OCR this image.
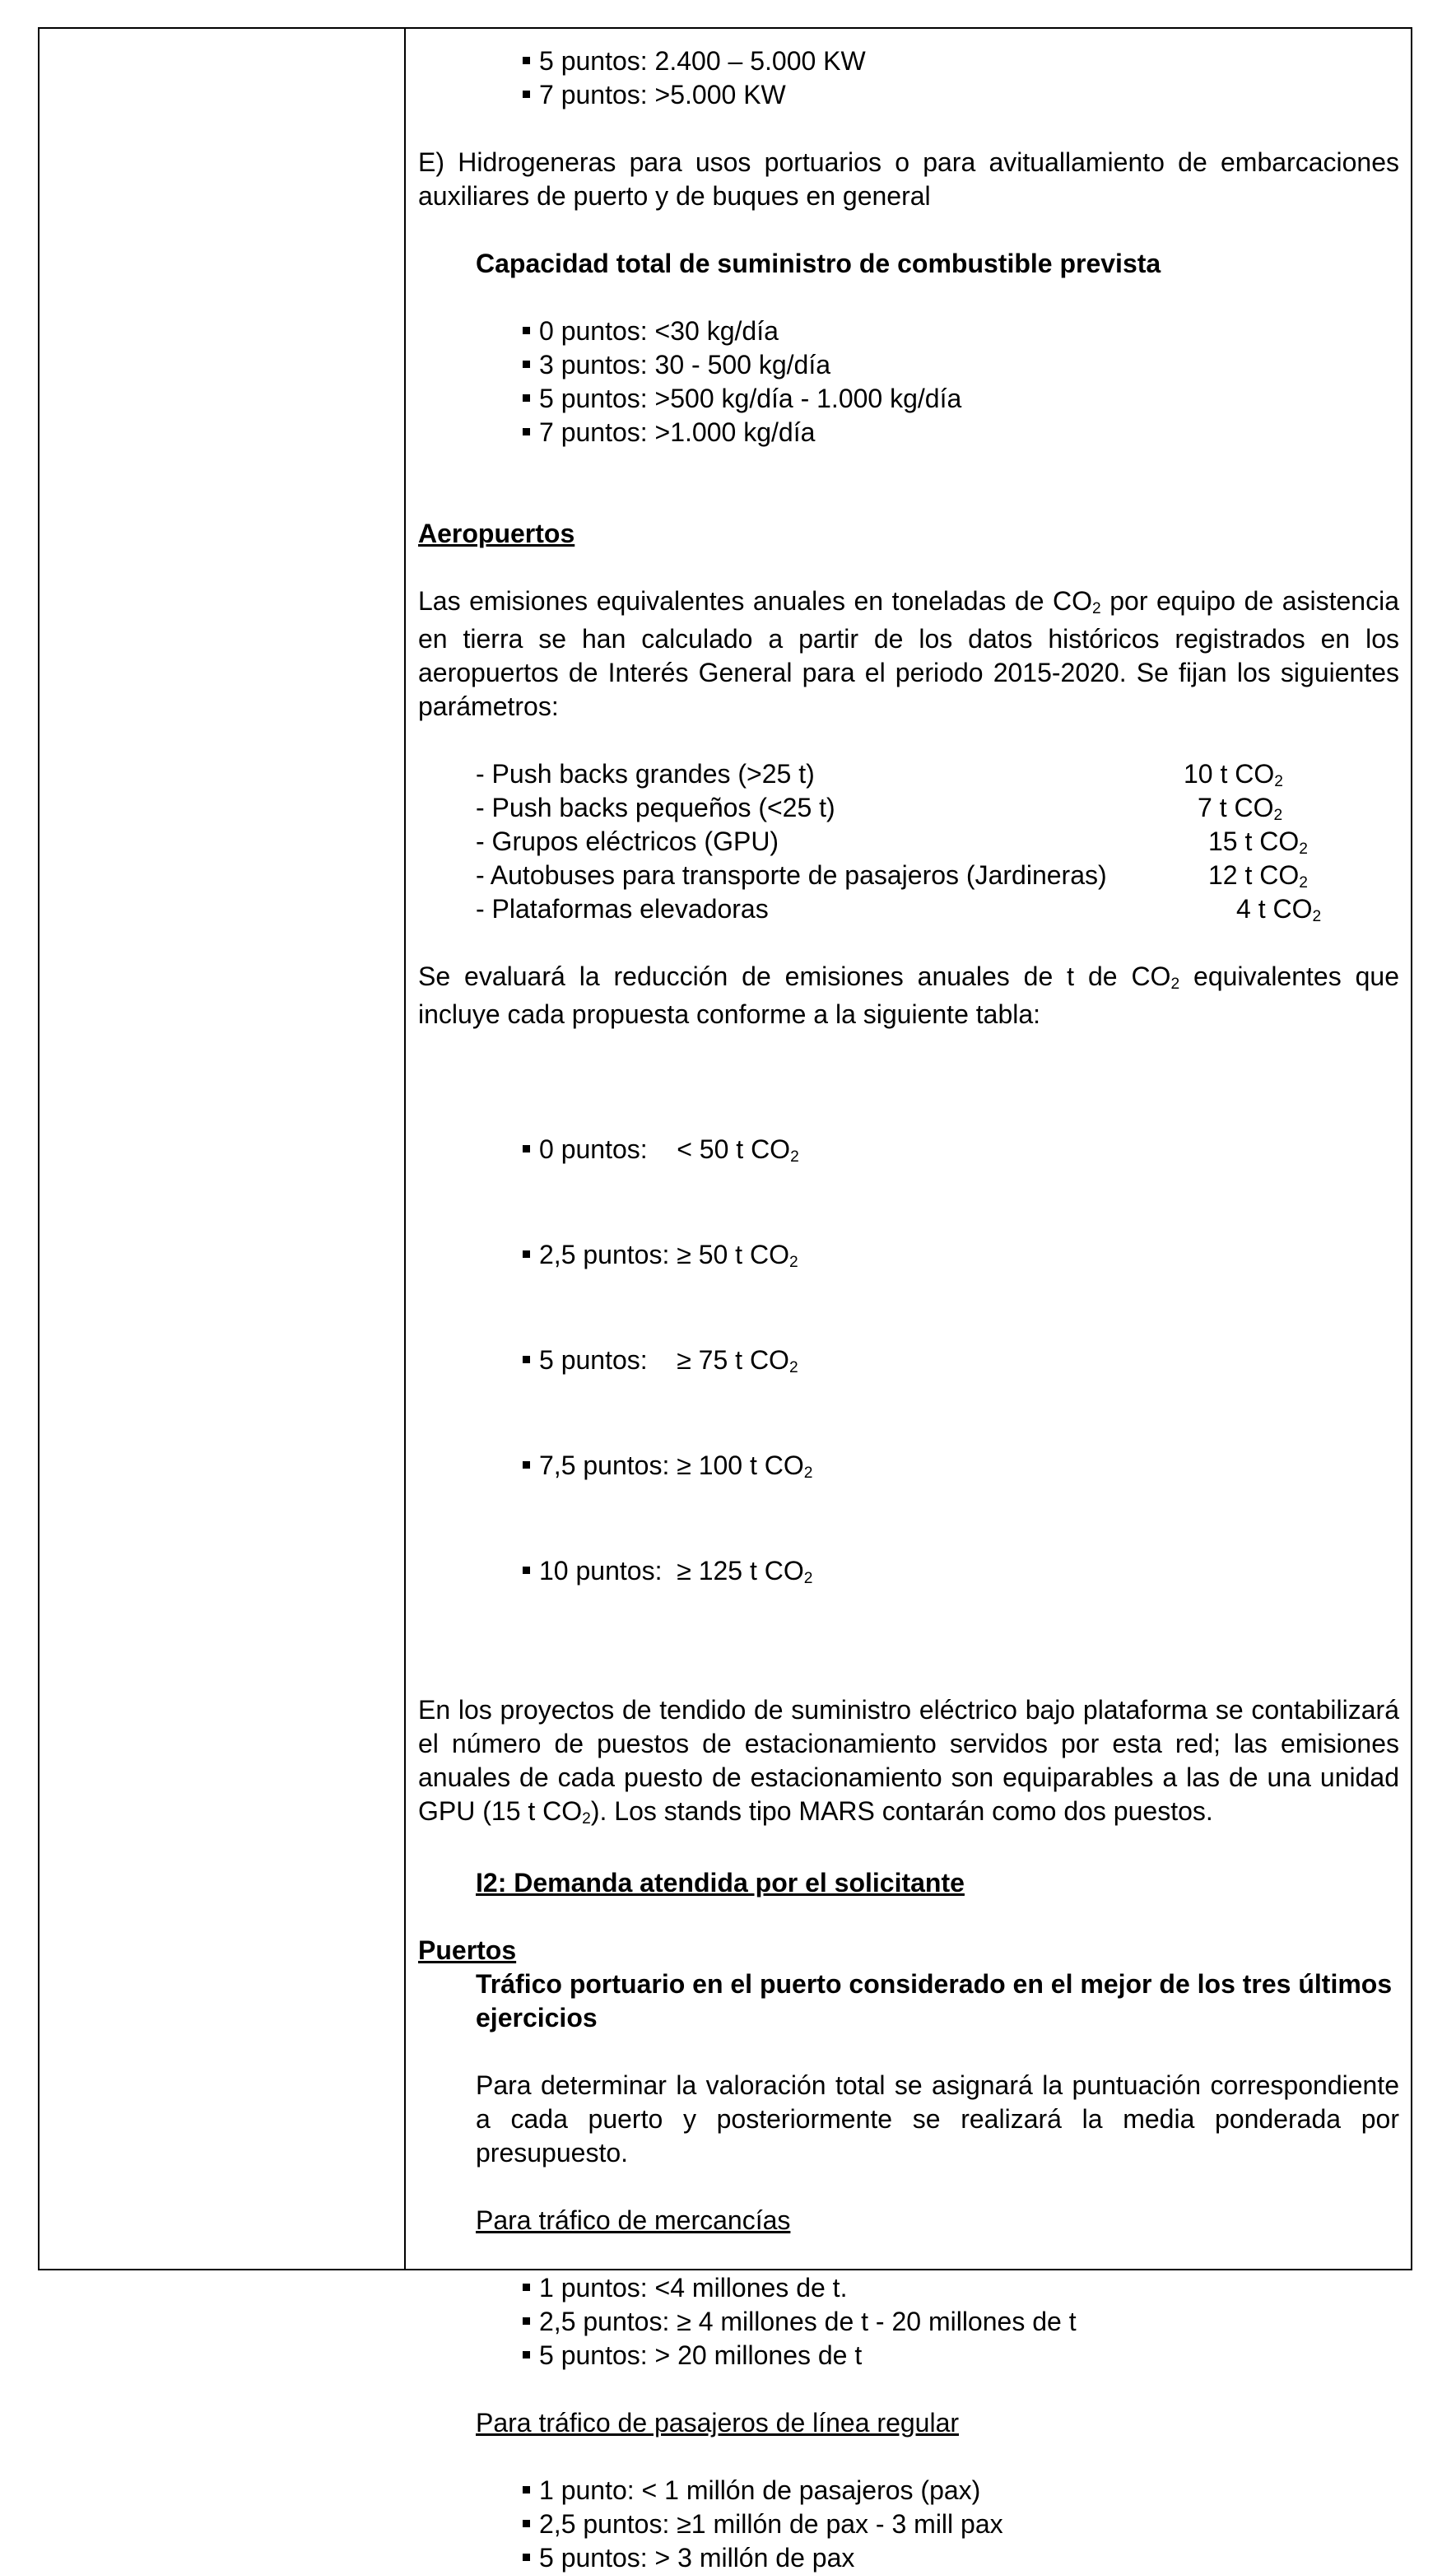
5 puntos: 2.400 – 5.000 KW
7 puntos: >5.000 KW

E) Hidrogeneras para usos portuarios o para avituallamiento de embarcaciones auxiliares de puerto y de buques en general

Capacidad total de suministro de combustible prevista

0 puntos: <30 kg/día
3 puntos: 30 - 500 kg/día
5 puntos: >500 kg/día - 1.000 kg/día
7 puntos: >1.000 kg/día

Aeropuertos

Las emisiones equivalentes anuales en toneladas de $CO_2$ por equipo de asistencia en tierra se han calculado a partir de los datos históricos registrados en los aeropuertos de Interés General para el periodo 2015-2020. Se fijan los siguientes parámetros:

- Push backs grandes (>25 t)	10 t $CO_2$
- Push backs pequeños (<25 t)	7 t $CO_2$
- Grupos eléctricos (GPU)	15 t $CO_2$
- Autobuses para transporte de pasajeros (Jardineras)	12 t $CO_2$
- Plataformas elevadoras	4 t $CO_2$

Se evaluará la reducción de emisiones anuales de t de $CO_2$ equivalentes que incluye cada propuesta conforme a la siguiente tabla:

0 puntos:    < 50 t $CO_2$

2,5 puntos: ≥ 50 t $CO_2$

5 puntos:    ≥ 75 t $CO_2$

7,5 puntos: ≥ 100 t $CO_2$

10 puntos:  ≥ 125 t $CO_2$

En los proyectos de tendido de suministro eléctrico bajo plataforma se contabilizará el número de puestos de estacionamiento servidos por esta red; las emisiones anuales de cada puesto de estacionamiento son equiparables a las de una unidad GPU (15 t $CO_2$). Los stands tipo MARS contarán como dos puestos.

I2: Demanda atendida por el solicitante

Puertos

Tráfico portuario en el puerto considerado en el mejor de los tres últimos ejercicios

Para determinar la valoración total se asignará la puntuación correspondiente a cada puerto y posteriormente se realizará la media ponderada por presupuesto.

Para tráfico de mercancías

1 puntos: <4 millones de t.
2,5 puntos: ≥ 4 millones de t - 20 millones de t
5 puntos: > 20 millones de t

Para tráfico de pasajeros de línea regular

1 punto: < 1 millón de pasajeros (pax)
2,5 puntos: ≥1 millón de pax - 3 mill pax
5 puntos: > 3 millón de pax
